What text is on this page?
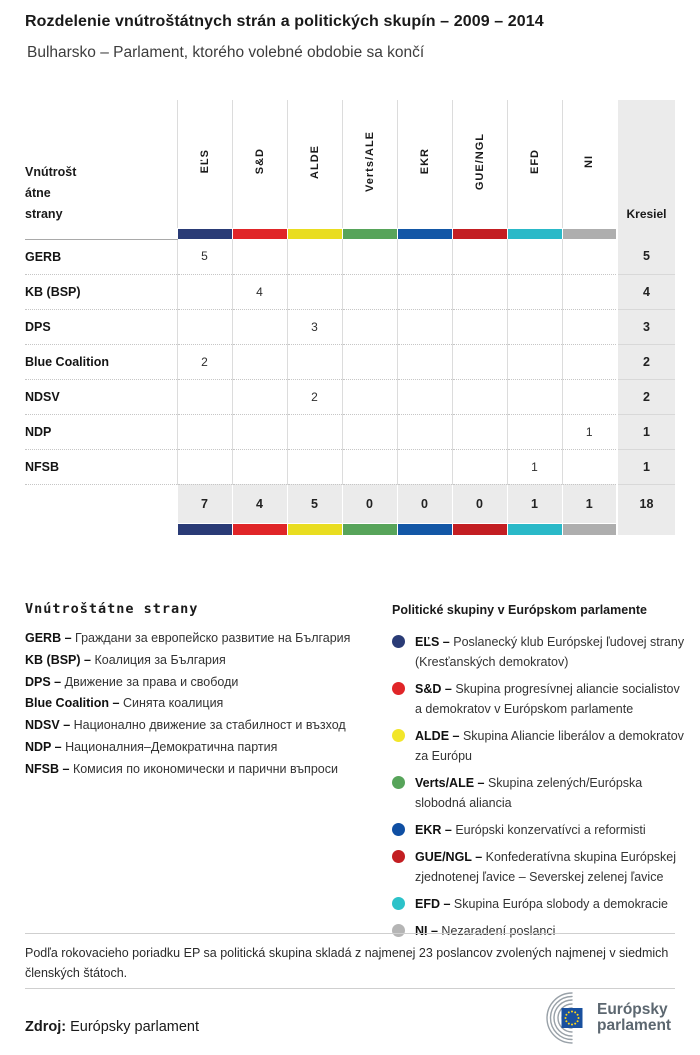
Rozdelenie vnútroštátnych strán a politických skupín – 2009 – 2014
Bulharsko – Parlament, ktorého volebné obdobie sa končí
Vnútrošt
átne
strany	EĽS	S&D	ALDE	Verts/ALE	EKR	GUE/NGL	EFD	NI	Kresiel

GERB	5								5
KB (BSP)		4							4
DPS			3						3
Blue Coalition	2								2
NDSV			2						2
NDP								1	1
NFSB							1		1
	7	4	5	0	0	0	1	1	18

Vnútroštátne strany
GERB – Граждани за европейско развитие на България
KB (BSP) – Коалиция за България
DPS – Движение за права и свободи
Blue Coalition – Синята коалиция
NDSV – Национално движение за стабилност и възход
NDP – Националния–Демократична партия
NFSB – Комисия по икономически и парични въпроси
Politické skupiny v Európskom parlamente
EĽS – Poslanecký klub Európskej ľudovej strany (Kresťanských demokratov)
S&D – Skupina progresívnej aliancie socialistov a demokratov v Európskom parlamente
ALDE – Skupina Aliancie liberálov a demokratov za Európu
Verts/ALE – Skupina zelených/Európska slobodná aliancia
EKR – Európski konzervatívci a reformisti
GUE/NGL – Konfederatívna skupina Európskej zjednotenej ľavice – Severskej zelenej ľavice
EFD – Skupina Európa slobody a demokracie
NI – Nezaradení poslanci
Podľa rokovacieho poriadku EP sa politická skupina skladá z najmenej 23 poslancov zvolených najmenej v siedmich členských štátoch.
Zdroj: Európsky parlament
Európsky
parlament
